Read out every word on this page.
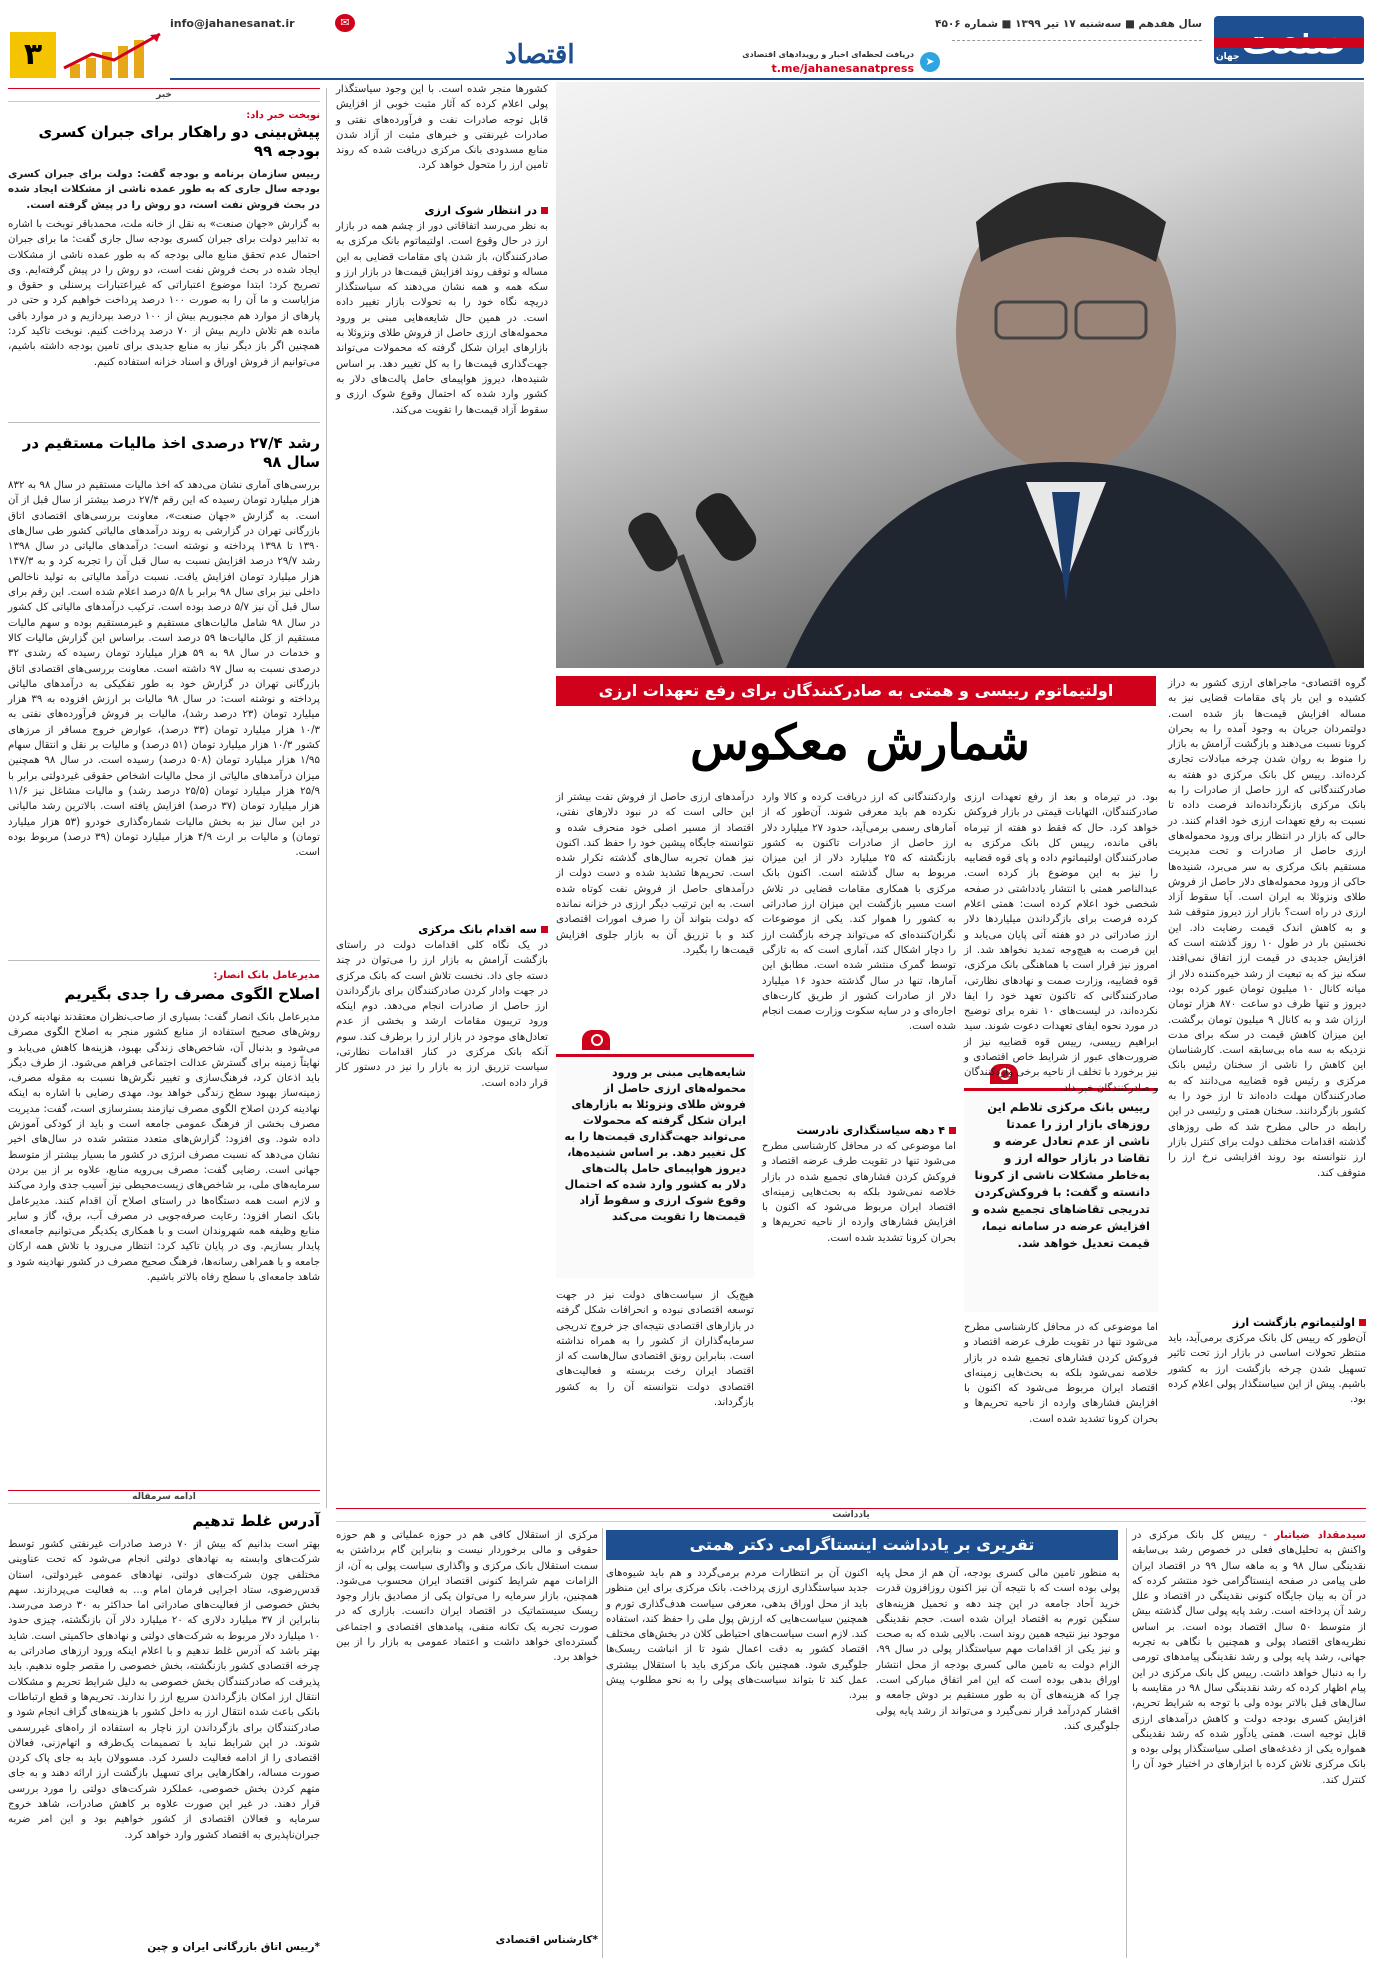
جهان
سال هفدهم ■ سه‌شنبه ۱۷ تیر ۱۳۹۹ ■ شماره ۴۵۰۶
➤
دریافت لحظه‌ای اخبار و رویدادهای اقتصادی
t.me/jahanesanatpress
اقتصاد
info@jahanesanat.ir	✉
۳
خبر
نوبخت خبر داد:
پیش‌بینی دو راهکار برای جبران کسری بودجه ۹۹
رییس سازمان برنامه و بودجه گفت: دولت برای جبران کسری بودجه سال جاری که به طور عمده ناشی از مشکلات ایجاد شده در بحث فروش نفت است، دو روش را در پیش گرفته است.
به گزارش «جهان صنعت» به نقل از خانه ملت، محمدباقر نوبخت با اشاره به تدابیر دولت برای جبران کسری بودجه سال جاری گفت: ما برای جبران احتمال عدم تحقق منابع مالی بودجه که به طور عمده ناشی از مشکلات ایجاد شده در بحث فروش نفت است، دو روش را در پیش گرفته‌ایم. وی تصریح کرد: ابتدا موضوع اعتباراتی که غیراعتبارات پرسنلی و حقوق و مزایاست و ما آن را به صورت ۱۰۰ درصد پرداخت خواهیم کرد و حتی در پارهای از موارد هم مجبوریم بیش از ۱۰۰ درصد بپردازیم و در موارد باقی مانده هم تلاش داریم بیش از ۷۰ درصد پرداخت کنیم. نوبخت تاکید کرد: همچنین اگر باز دیگر نیاز به منابع جدیدی برای تامین بودجه داشته باشیم، می‌توانیم از فروش اوراق و اسناد خزانه استفاده کنیم.
رشد ۲۷/۴ درصدی اخذ مالیات مستقیم در سال ۹۸
بررسی‌های آماری نشان می‌دهد که اخذ مالیات مستقیم در سال ۹۸ به ۸۳۲ هزار میلیارد تومان رسیده که این رقم ۲۷/۴ درصد بیشتر از سال قبل از آن است. به گزارش «جهان صنعت»، معاونت بررسی‌های اقتصادی اتاق بازرگانی تهران در گزارشی به روند درآمدهای مالیاتی کشور طی سال‌های ۱۳۹۰ تا ۱۳۹۸ پرداخته و نوشته است: درآمدهای مالیاتی در سال ۱۳۹۸ رشد ۲۹/۷ درصد افزایش نسبت به سال قبل آن را تجربه کرد و به ۱۴۷/۳ هزار میلیارد تومان افزایش یافت. نسبت درآمد مالیاتی به تولید ناخالص داخلی نیز برای سال ۹۸ برابر با ۵/۸ درصد اعلام شده است. این رقم برای سال قبل آن نیز ۵/۷ درصد بوده است. ترکیب درآمدهای مالیاتی کل کشور در سال ۹۸ شامل مالیات‌های مستقیم و غیرمستقیم بوده و سهم مالیات مستقیم از کل مالیات‌ها ۵۹ درصد است. براساس این گزارش مالیات کالا و خدمات در سال ۹۸ به ۵۹ هزار میلیارد تومان رسیده که رشدی ۳۲ درصدی نسبت به سال ۹۷ داشته است. معاونت بررسی‌های اقتصادی اتاق بازرگانی تهران در گزارش خود به طور تفکیکی به درآمدهای مالیاتی پرداخته و نوشته است: در سال ۹۸ مالیات بر ارزش افزوده به ۳۹ هزار میلیارد تومان (۲۳ درصد رشد)، مالیات بر فروش فرآورده‌های نفتی به ۱۰/۳ هزار میلیارد تومان (۳۳ درصد)، عوارض خروج مسافر از مرزهای کشور ۱۰/۳ هزار میلیارد تومان (۵۱ درصد) و مالیات بر نقل و انتقال سهام ۱/۹۵ هزار میلیارد تومان (۵۰۸ درصد) رسیده است. در سال ۹۸ همچنین میزان درآمدهای مالیاتی از محل مالیات اشخاص حقوقی غیردولتی برابر با ۲۵/۹ هزار میلیارد تومان (۲۵/۵ درصد رشد) و مالیات مشاغل نیز ۱۱/۶ هزار میلیارد تومان (۳۷ درصد) افزایش یافته است. بالاترین رشد مالیاتی در این سال نیز به بخش مالیات شماره‌گذاری خودرو (۵۳ هزار میلیارد تومان) و مالیات بر ارث ۴/۹ هزار میلیارد تومان (۳۹ درصد) مربوط بوده است.
مدیرعامل بانک انصار:
اصلاح الگوی مصرف را جدی بگیریم
مدیرعامل بانک انصار گفت: بسیاری از صاحب‌نظران معتقدند نهادینه کردن روش‌های صحیح استفاده از منابع کشور منجر به اصلاح الگوی مصرف می‌شود و بدنبال آن، شاخص‌های زندگی بهبود، هزینه‌ها کاهش می‌یابد و نهایتاً زمینه برای گسترش عدالت اجتماعی فراهم می‌شود. از طرف دیگر باید اذعان کرد، فرهنگ‌سازی و تغییر نگرش‌ها نسبت به مقوله مصرف، زمینه‌ساز بهبود سطح زندگی خواهد بود. مهدی رضایی با اشاره به اینکه نهادینه کردن اصلاح الگوی مصرف نیازمند بسترسازی است، گفت: مدیریت مصرف بخشی از فرهنگ عمومی جامعه است و باید از کودکی آموزش داده شود. وی افزود: گزارش‌های متعدد منتشر شده در سال‌های اخیر نشان می‌دهد که نسبت مصرف انرژی در کشور ما بسیار بیشتر از متوسط جهانی است. رضایی گفت: مصرف بی‌رویه منابع، علاوه بر از بین بردن سرمایه‌های ملی، بر شاخص‌های زیست‌محیطی نیز آسیب جدی وارد می‌کند و لازم است همه دستگاه‌ها در راستای اصلاح آن اقدام کنند. مدیرعامل بانک انصار افزود: رعایت صرفه‌جویی در مصرف آب، برق، گاز و سایر منابع وظیفه همه شهروندان است و با همکاری یکدیگر می‌توانیم جامعه‌ای پایدار بسازیم. وی در پایان تاکید کرد: انتظار می‌رود با تلاش همه ارکان جامعه و با همراهی رسانه‌ها، فرهنگ صحیح مصرف در کشور نهادینه شود و شاهد جامعه‌ای با سطح رفاه بالاتر باشیم.
ادامه سرمقاله
آدرس غلط تدهیم
بهتر است بدانیم که بیش از ۷۰ درصد صادرات غیرنفتی کشور توسط شرکت‌های وابسته به نهادهای دولتی انجام می‌شود که تحت عناوینی مختلفی چون شرکت‌های دولتی، نهادهای عمومی غیردولتی، استان قدس‌رضوی، ستاد اجرایی فرمان امام و... به فعالیت می‌پردازند. سهم بخش خصوصی از فعالیت‌های صادراتی اما حداکثر به ۳۰ درصد می‌رسد. بنابراین از ۳۷ میلیارد دلاری که ۲۰ میلیارد دلار آن بازنگشته، چیزی حدود ۱۰ میلیارد دلار مربوط به شرکت‌های دولتی و نهادهای حاکمیتی است. شاید بهتر باشد که آدرس غلط ندهیم و با اعلام اینکه ورود ارزهای صادراتی به چرخه اقتصادی کشور بازنگشته، بخش خصوصی را مقصر جلوه ندهیم. باید پذیرفت که صادرکنندگان بخش خصوصی به دلیل شرایط تحریم و مشکلات انتقال ارز امکان بازگرداندن سریع ارز را ندارند. تحریم‌ها و قطع ارتباطات بانکی باعث شده انتقال ارز به داخل کشور با هزینه‌های گزاف انجام شود و صادرکنندگان برای بازگرداندن ارز ناچار به استفاده از راه‌های غیررسمی شوند. در این شرایط نباید با تصمیمات یک‌طرفه و اتهام‌زنی، فعالان اقتصادی را از ادامه فعالیت دلسرد کرد. مسوولان باید به جای پاک کردن صورت مساله، راهکارهایی برای تسهیل بازگشت ارز ارائه دهند و به جای متهم کردن بخش خصوصی، عملکرد شرکت‌های دولتی را مورد بررسی قرار دهند. در غیر این صورت علاوه بر کاهش صادرات، شاهد خروج سرمایه و فعالان اقتصادی از کشور خواهیم بود و این امر ضربه جبران‌ناپذیری به اقتصاد کشور وارد خواهد کرد.
*رییس اتاق بازرگانی ایران و چین
اولتیماتوم رییسی و همتی به صادرکنندگان برای رفع تعهدات ارزی
شمارش معکوس
گروه اقتصادی- ماجراهای ارزی کشور به دراز کشیده و این بار پای مقامات قضایی نیز به مساله افزایش قیمت‌ها باز شده است. دولتمردان جریان به وجود آمده را به بحران کرونا نسبت می‌دهند و بازگشت آرامش به بازار را منوط به روان شدن چرخه مبادلات تجاری کرده‌اند. رییس کل بانک مرکزی دو هفته به صادرکنندگانی که ارز حاصل از صادرات را به بانک مرکزی بازنگردانده‌اند فرصت داده تا نسبت به رفع تعهدات ارزی خود اقدام کنند. در حالی که بازار در انتظار برای ورود محموله‌های ارزی حاصل از صادرات و تحت مدیریت مستقیم بانک مرکزی به سر می‌برد، شنیده‌ها حاکی از ورود محموله‌های دلار حاصل از فروش طلای ونزوئلا به ایران است. آیا سقوط آزاد ارزی در راه است؟ بازار ارز دیروز متوقف شد و به کاهش اندک قیمت رضایت داد. این نخستین بار در طول ۱۰ روز گذشته است که افزایش جدیدی در قیمت ارز اتفاق نمی‌افتد. سکه نیز که به تبعیت از رشد خیره‌کننده دلار از میانه کانال ۱۰ میلیون تومان عبور کرده بود، دیروز و تنها ظرف دو ساعت ۸۷۰ هزار تومان ارزان شد و به کانال ۹ میلیون تومان برگشت. این میزان کاهش قیمت در سکه برای مدت نزدیکه به سه ماه بی‌سابقه است. کارشناسان این کاهش را ناشی از سخنان رئیس بانک مرکزی و رئیس قوه قضاییه می‌دانند که به صادرکنندگان مهلت داده‌اند تا ارز خود را به کشور بازگردانند. سخنان همتی و رئیسی در این رابطه در حالی مطرح شد که طی روزهای گذشته اقدامات مختلف دولت برای کنترل بازار ارز نتوانسته بود روند افزایشی نرخ ارز را متوقف کند.
اولتیماتوم بازگشت ارز
آن‌طور که رییس کل بانک مرکزی برمی‌آید، باید منتظر تحولات اساسی در بازار ارز تحت تاثیر تسهیل شدن چرخه بازگشت ارز به کشور باشیم. پیش از این سیاستگذار پولی اعلام کرده بود.
رییس بانک مرکزی تلاطم این روزهای بازار ارز را عمدتا ناشی از عدم تعادل عرضه و تقاضا در بازار حواله ارز و به‌خاطر مشکلات ناشی از کرونا دانسته و گفت: با فروکش‌کردن تدریجی تقاضاهای تجمیع شده و افزایش عرضه در سامانه نیما، قیمت تعدیل خواهد شد.
بود. در تیرماه و بعد از رفع تعهدات ارزی صادرکنندگان، التهابات قیمتی در بازار فروکش خواهد کرد. حال که فقط دو هفته از تیرماه باقی مانده، رییس کل بانک مرکزی به صادرکنندگان اولتیماتوم داده و پای قوه قضاییه را نیز به این موضوع باز کرده است. عبدالناصر همتی با انتشار یادداشتی در صفحه شخصی خود اعلام کرده است: همتی اعلام کرده فرصت برای بازگرداندن میلیاردها دلار ارز صادراتی در دو هفته آتی پایان می‌یابد و این فرصت به هیچ‌وجه تمدید نخواهد شد. از امروز نیز قرار است با هماهنگی بانک مرکزی، قوه قضاییه، وزارت صمت و نهادهای نظارتی، صادرکنندگانی که تاکنون تعهد خود را ایفا نکرده‌اند، در لیست‌های ۱۰ نفره برای توضیح در مورد نحوه ایفای تعهدات دعوت شوند. سید ابراهیم رییسی، رییس قوه قضاییه نیز از ضرورت‌های عبور از شرایط خاص اقتصادی و نیز برخورد با تخلف از ناحیه برخی وارد‌کنندگان و صادرکنندگان خبر داد.
اما موضوعی که در محافل کارشناسی مطرح می‌شود تنها در تقویت طرف عرضه اقتصاد و فروکش کردن فشارهای تجمیع شده در بازار خلاصه نمی‌شود بلکه به بحث‌هایی زمینه‌ای اقتصاد ایران مربوط می‌شود که اکنون با افزایش فشارهای وارده از ناحیه تحریم‌ها و بحران کرونا تشدید شده است.
واردکنندگانی که ارز دریافت کرده و کالا وارد نکرده هم باید معرفی شوند. آن‌طور که از آمارهای رسمی برمی‌آید، حدود ۲۷ میلیارد دلار ارز حاصل از صادرات تاکنون به کشور بازنگشته که ۲۵ میلیارد دلار از این میزان مربوط به سال گذشته است. اکنون بانک مرکزی با همکاری مقامات قضایی در تلاش است مسیر بازگشت این میزان ارز صادراتی به کشور را هموار کند. یکی از موضوعات نگران‌کننده‌ای که می‌تواند چرخه بازگشت ارز را دچار اشکال کند، آماری است که به تازگی توسط گمرک منتشر شده است. مطابق این آمارها، تنها در سال گذشته حدود ۱۶ میلیارد دلار از صادرات کشور از طریق کارت‌های اجاره‌ای و در سایه سکوت وزارت صمت انجام شده است.
۴ دهه سیاستگذاری نادرست
اما موضوعی که در محافل کارشناسی مطرح می‌شود تنها در تقویت طرف عرضه اقتصاد و فروکش کردن فشارهای تجمیع شده در بازار خلاصه نمی‌شود بلکه به بحث‌هایی زمینه‌ای اقتصاد ایران مربوط می‌شود که اکنون با افزایش فشارهای وارده از ناحیه تحریم‌ها و بحران کرونا تشدید شده است.
درآمدهای ارزی حاصل از فروش نفت بیشتر از این حالی است که در نبود دلارهای نفتی، اقتصاد از مسیر اصلی خود منحرف شده و نتوانسته جایگاه پیشین خود را حفظ کند. اکنون نیز همان تجربه سال‌های گذشته تکرار شده است. تحریم‌ها تشدید شده و دست دولت از درآمدهای حاصل از فروش نفت کوتاه شده است. به این ترتیب دیگر ارزی در خزانه نمانده که دولت بتواند آن را صرف امورات اقتصادی کند و با تزریق آن به بازار جلوی افزایش قیمت‌ها را بگیرد.
شایعه‌هایی مبنی بر ورود محموله‌های ارزی حاصل از فروش طلای ونزوئلا به بازارهای ایران شکل گرفته که محمولات می‌تواند جهت‌گذاری قیمت‌ها را به کل تغییر دهد. بر اساس شنیده‌ها، دیروز هواپیمای حامل پالت‌های دلار به کشور وارد شده که احتمال وقوع شوک ارزی و سقوط آزاد قیمت‌ها را تقویت می‌کند
هیچ‌یک از سیاست‌های دولت نیز در جهت توسعه اقتصادی نبوده و انحرافات شکل گرفته در بازارهای اقتصادی نتیجه‌ای جز خروج تدریجی سرمایه‌گذاران از کشور را به همراه نداشته است. بنابراین رونق اقتصادی سال‌هاست که از اقتصاد ایران رخت بربسته و فعالیت‌های اقتصادی دولت نتوانسته آن را به کشور بازگرداند.
کشورها منجر شده است. با این وجود سیاستگذار پولی اعلام کرده که آثار مثبت خوبی از افزایش قابل توجه صادرات نفت و فرآورده‌های نفتی و صادرات غیرنفتی و خبرهای مثبت از آزاد شدن منابع مسدودی بانک مرکزی دریافت شده که روند تامین ارز را متحول خواهد کرد.
در انتظار شوک ارزی
به نظر می‌رسد اتفاقاتی دور از چشم همه در بازار ارز در حال وقوع است. اولتیماتوم بانک مرکزی به صادرکنندگان، باز شدن پای مقامات قضایی به این مساله و توقف روند افزایش قیمت‌ها در بازار ارز و سکه همه و همه نشان می‌دهند که سیاستگذار دریچه نگاه خود را به تحولات بازار تغییر داده است. در همین حال شایعه‌هایی مبنی بر ورود محموله‌های ارزی حاصل از فروش طلای ونزوئلا به بازارهای ایران شکل گرفته که محمولات می‌تواند جهت‌گذاری قیمت‌ها را به کل تغییر دهد. بر اساس شنیده‌ها، دیروز هواپیمای حامل پالت‌های دلار به کشور وارد شده که احتمال وقوع شوک ارزی و سقوط آزاد قیمت‌ها را تقویت می‌کند.
سه اقدام بانک مرکزی
در یک نگاه کلی اقدامات دولت در راستای بازگشت آرامش به بازار ارز را می‌توان در چند دسته جای داد. نخست تلاش است که بانک مرکزی در جهت وادار کردن صادرکنندگان برای بازگرداندن ارز حاصل از صادرات انجام می‌دهد. دوم اینکه ورود تریبون مقامات ارشد و بخشی از عدم تعادل‌های موجود در بازار ارز را برطرف کند. سوم آنکه بانک مرکزی در کنار اقدامات نظارتی، سیاست تزریق ارز به بازار را نیز در دستور کار قرار داده است.
یادداشت
سیدمقداد ضیاتبار - رییس کل بانک مرکزی در واکنش به تحلیل‌های فعلی در خصوص رشد بی‌سابقه نقدینگی سال ۹۸ و به ماهه سال ۹۹ در اقتصاد ایران طی پیامی در صفحه اینستاگرامی خود منتشر کرده که در آن به بیان جایگاه کنونی نقدینگی در اقتصاد و علل رشد آن پرداخته است. رشد پایه پولی سال گذشته بیش از متوسط ۵۰ سال اقتصاد بوده است. بر اساس نظریه‌های اقتصاد پولی و همچنین با نگاهی به تجربه جهانی، رشد پایه پولی و رشد نقدینگی پیامدهای تورمی را به دنبال خواهد داشت. رییس کل بانک مرکزی در این پیام اظهار کرده که رشد نقدینگی سال ۹۸ در مقایسه با سال‌های قبل بالاتر بوده ولی با توجه به شرایط تحریم، افزایش کسری بودجه دولت و کاهش درآمدهای ارزی قابل توجیه است. همتی یادآور شده که رشد نقدینگی همواره یکی از دغدغه‌های اصلی سیاستگذار پولی بوده و بانک مرکزی تلاش کرده با ابزارهای در اختیار خود آن را کنترل کند.
تقریری بر یادداشت اینستاگرامی دکتر همتی
به منظور تامین مالی کسری بودجه، آن هم از محل پایه پولی بوده است که با نتیجه آن نیز اکنون روزافزون قدرت خرید آحاد جامعه در این چند دهه و تحمیل هزینه‌های سنگین تورم به اقتصاد ایران شده است. حجم نقدینگی موجود نیز نتیجه همین روند است. بالایی شده که به صحت و نیز یکی از اقدامات مهم سیاستگذار پولی در سال ۹۹، الزام دولت به تامین مالی کسری بودجه از محل انتشار اوراق بدهی بوده است که این امر اتفاق مبارکی است. چرا که هزینه‌های آن به طور مستقیم بر دوش جامعه و اقشار کم‌درآمد قرار نمی‌گیرد و می‌تواند از رشد پایه پولی جلوگیری کند.
اکنون آن بر انتظارات مردم برمی‌گردد و هم باید شیوه‌های جدید سیاستگذاری ارزی پرداخت. بانک مرکزی برای این منظور باید از محل اوراق بدهی، معرفی سیاست هدف‌گذاری تورم و همچنین سیاست‌هایی که ارزش پول ملی را حفظ کند، استفاده کند. لازم است سیاست‌های احتیاطی کلان در بخش‌های مختلف اقتصاد کشور به دقت اعمال شود تا از انباشت ریسک‌ها جلوگیری شود. همچنین بانک مرکزی باید با استقلال بیشتری عمل کند تا بتواند سیاست‌های پولی را به نحو مطلوب پیش ببرد.
مرکزی از استقلال کافی هم در حوزه عملیاتی و هم حوزه حقوقی و مالی برخوردار نیست و بنابراین گام برداشتن به سمت استقلال بانک مرکزی و واگذاری سیاست پولی به آن، از الزامات مهم شرایط کنونی اقتصاد ایران محسوب می‌شود. همچنین، بازار سرمایه را می‌توان یکی از مصادیق بازار وجود ریسک سیستماتیک در اقتصاد ایران دانست. بازاری که در صورت تجربه یک تکانه منفی، پیامدهای اقتصادی و اجتماعی گسترده‌ای خواهد داشت و اعتماد عمومی به بازار را از بین خواهد برد.
*کارشناس اقتصادی
